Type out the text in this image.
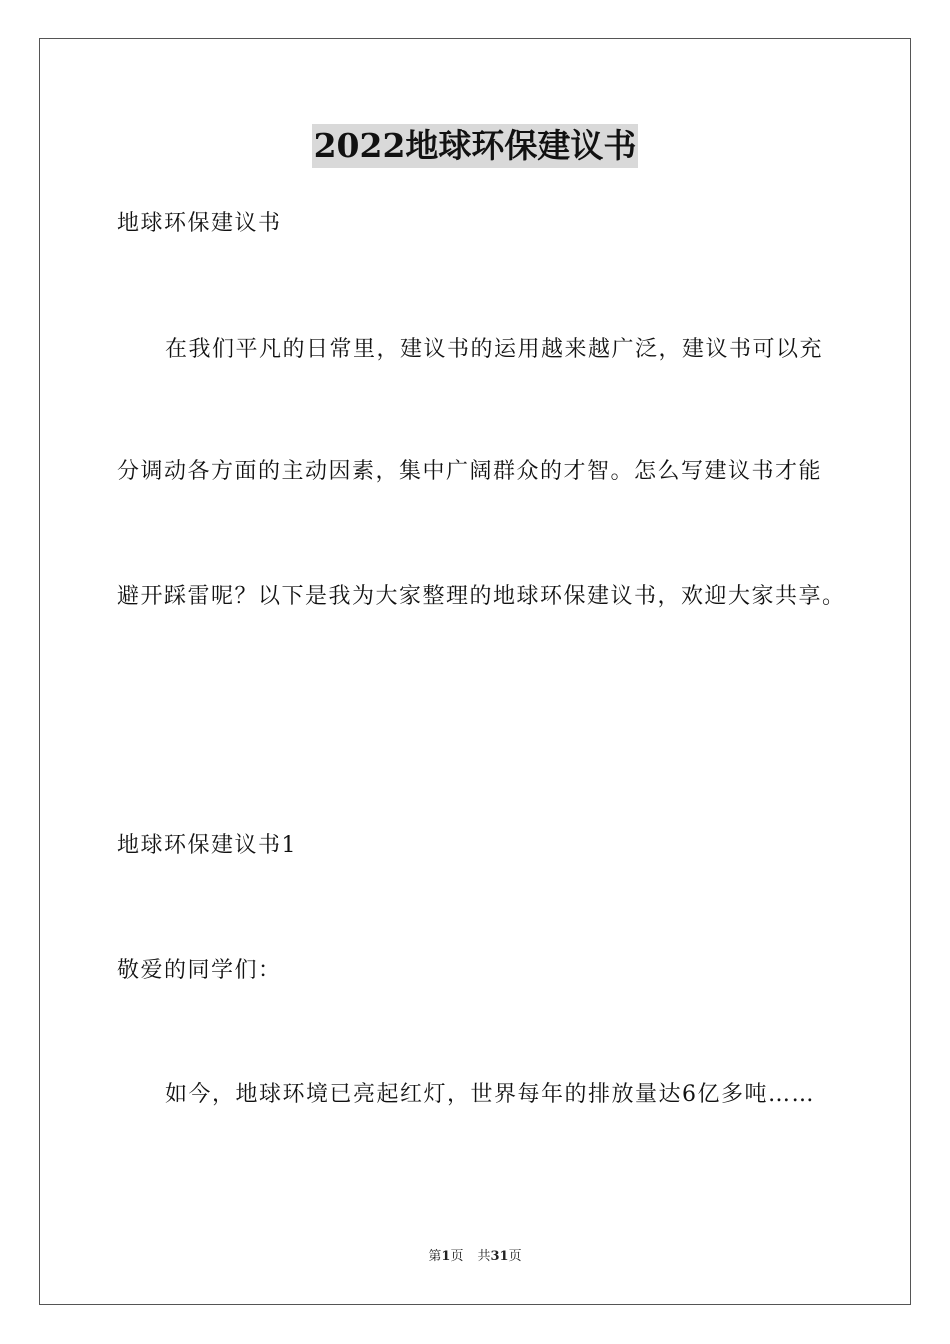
2022地球环保建议书
地球环保建议书
在我们平凡的日常里，建议书的运用越来越广泛，建议书可以充
分调动各方面的主动因素，集中广阔群众的才智。怎么写建议书才能
避开踩雷呢？以下是我为大家整理的地球环保建议书，欢迎大家共享。
地球环保建议书1
敬爱的同学们：
如今，地球环境已亮起红灯，世界每年的排放量达6亿多吨……
第1页 共31页
